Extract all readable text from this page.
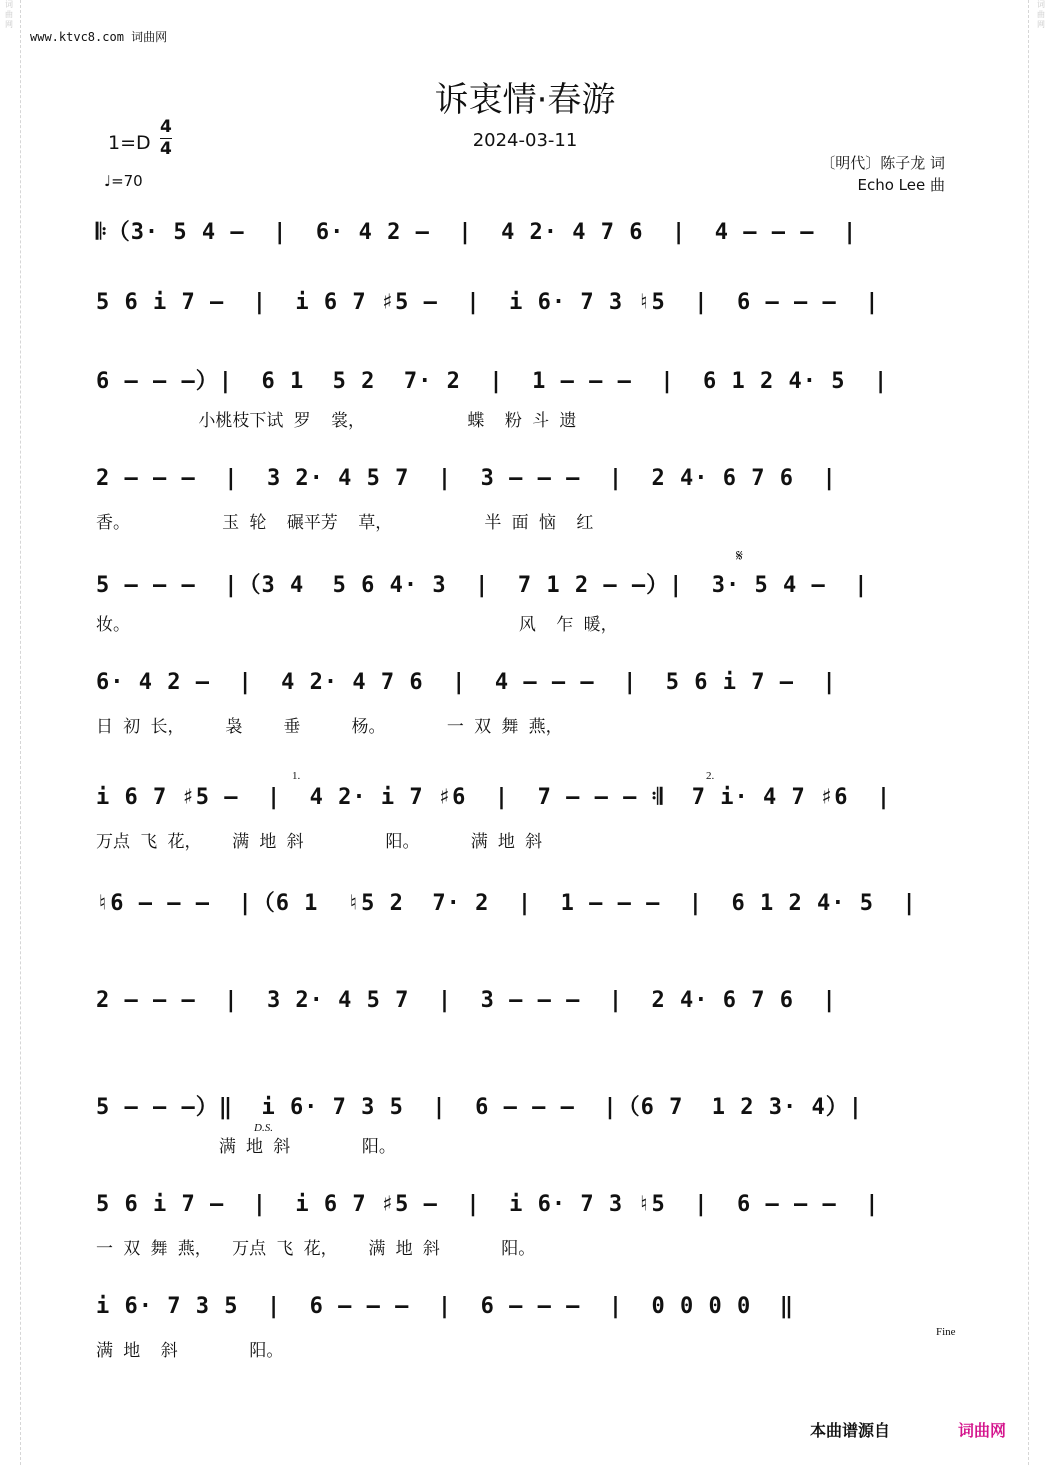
词 曲 网
词 曲 网
www.ktvc8.com 词曲网
诉衷情·春游
2024-03-11
1=D
4
4
♩=70
〔明代〕陈子龙 词
Echo Lee 曲
𝄆（3· 5 4 –  |  6· 4 2 –  |  4 2· 4 7 6  |  4 – – –  |
5 6 i 7 –  |  i 6 7 ♯5 –  |  i 6· 7 3 ♮5  |  6 – – –  |
6 – – –）|  6 1  5 2  7· 2  |  1 – – –  |  6 1 2 4· 5  |
小桃枝下试 罗  裳，          蝶  粉 斗 遗
2 – – –  |  3 2· 4 5 7  |  3 – – –  |  2 4· 6 7 6  |
香。         玉 轮  碾平芳  草，         半 面 恼  红
5 – – –  |（3 4  5 6 4· 3  |  7 1 2 – –）|  3· 5 4 –  |
妆。                                      风  乍 暖，
6· 4 2 –  |  4 2· 4 7 6  |  4 – – –  |  5 6 i 7 –  |
日 初 长，    袅    垂     杨。      一 双 舞 燕，
i 6 7 ♯5 –  |  4 2· i 7 ♯6  |  7 – – – 𝄇  7 i· 4 7 ♯6  |
万点 飞 花，   满 地 斜        阳。     满 地 斜
♮6 – – –  |（6 1  ♮5 2  7· 2  |  1 – – –  |  6 1 2 4· 5  |
2 – – –  |  3 2· 4 5 7  |  3 – – –  |  2 4· 6 7 6  |
5 – – –）‖  i 6· 7 3 5  |  6 – – –  |（6 7  1 2 3· 4）|
满 地 斜       阳。
5 6 i 7 –  |  i 6 7 ♯5 –  |  i 6· 7 3 ♮5  |  6 – – –  |
一 双 舞 燕，  万点 飞 花，   满 地 斜      阳。
i 6· 7 3 5  |  6 – – –  |  6 – – –  |  0 0 0 0  ‖
满 地  斜       阳。
D.S.
𝄋
Fine
1.	2.
本曲谱源自	词曲网
